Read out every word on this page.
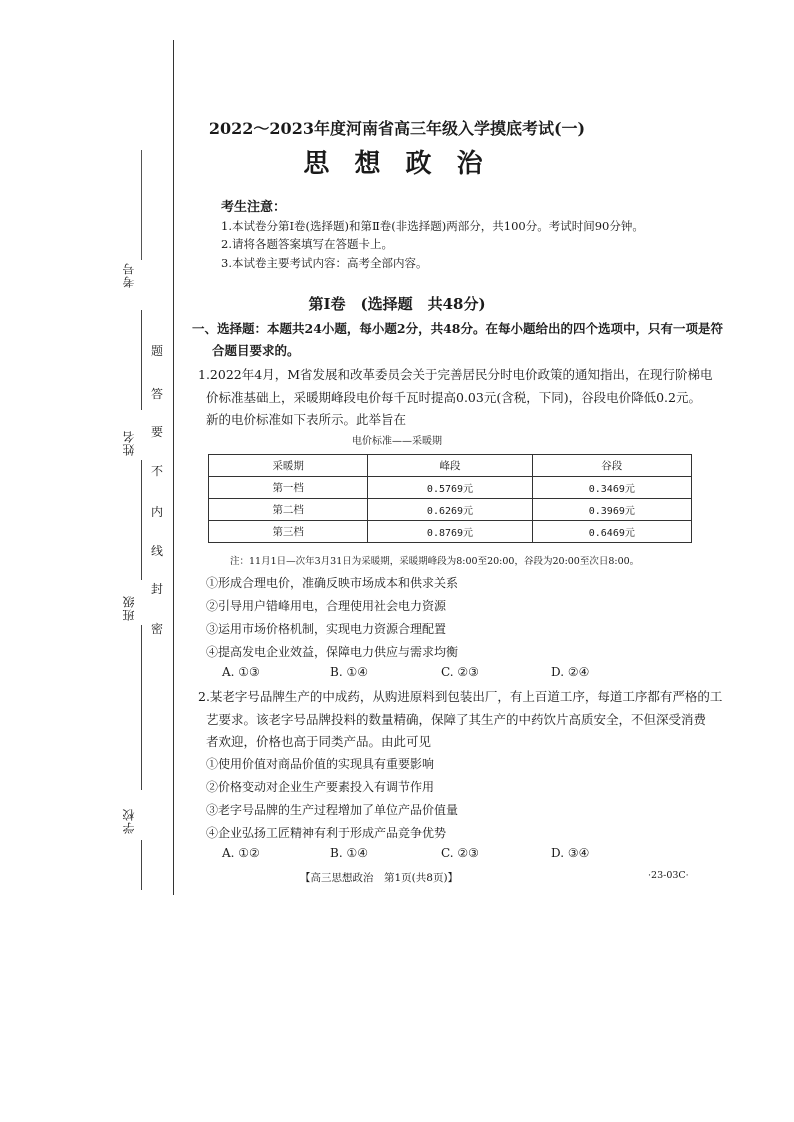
考号
姓名
班级
学校
题
答
要
不
内
线
封
密
2022～2023年度河南省高三年级入学摸底考试(一)
思 想 政 治
考生注意：
1.本试卷分第Ⅰ卷(选择题)和第Ⅱ卷(非选择题)两部分，共100分。考试时间90分钟。
2.请将各题答案填写在答题卡上。
3.本试卷主要考试内容：高考全部内容。
第Ⅰ卷　(选择题　共48分)
一、选择题：本题共24小题，每小题2分，共48分。在每小题给出的四个选项中，只有一项是符
合题目要求的。
1.2022年4月，M省发展和改革委员会关于完善居民分时电价政策的通知指出，在现行阶梯电
价标准基础上，采暖期峰段电价每千瓦时提高0.03元(含税，下同)，谷段电价降低0.2元。
新的电价标准如下表所示。此举旨在
电价标准——采暖期
采暖期	峰段	谷段
第一档	0.5769元	0.3469元
第二档	0.6269元	0.3969元
第三档	0.8769元	0.6469元
注：11月1日—次年3月31日为采暖期，采暖期峰段为8:00至20:00，谷段为20:00至次日8:00。
①形成合理电价，准确反映市场成本和供求关系
②引导用户错峰用电，合理使用社会电力资源
③运用市场价格机制，实现电力资源合理配置
④提高发电企业效益，保障电力供应与需求均衡
A. ①③	B. ①④	C. ②③	D. ②④
2.某老字号品牌生产的中成药，从购进原料到包装出厂，有上百道工序，每道工序都有严格的工
艺要求。该老字号品牌投料的数量精确，保障了其生产的中药饮片高质安全，不但深受消费
者欢迎，价格也高于同类产品。由此可见
①使用价值对商品价值的实现具有重要影响
②价格变动对企业生产要素投入有调节作用
③老字号品牌的生产过程增加了单位产品价值量
④企业弘扬工匠精神有利于形成产品竞争优势
A. ①②	B. ①④	C. ②③	D. ③④
【高三思想政治　第1页(共8页)】	·23-03C·
